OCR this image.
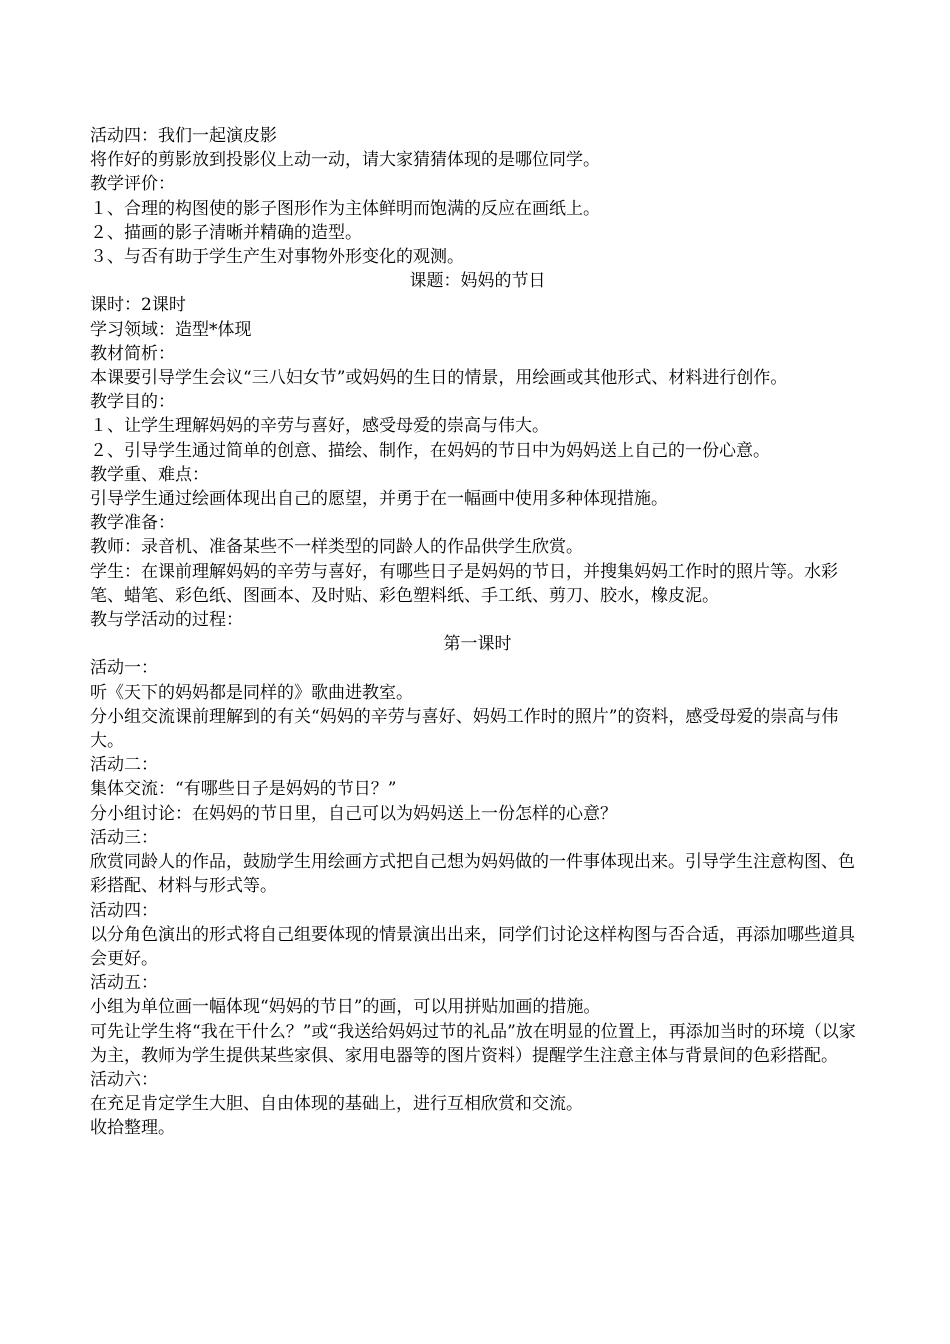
活动四：我们一起演皮影

将作好的剪影放到投影仪上动一动，请大家猜猜体现的是哪位同学。

教学评价：

１、合理的构图使的影子图形作为主体鲜明而饱满的反应在画纸上。

２、描画的影子清晰并精确的造型。

３、与否有助于学生产生对事物外形变化的观测。

课题：妈妈的节日

课时：2课时

学习领域：造型*体现

教材简析：

本课要引导学生会议“三八妇女节”或妈妈的生日的情景，用绘画或其他形式、材料进行创作。

教学目的：

１、让学生理解妈妈的辛劳与喜好，感受母爱的崇高与伟大。

２、引导学生通过简单的创意、描绘、制作，在妈妈的节日中为妈妈送上自己的一份心意。

教学重、难点：

引导学生通过绘画体现出自己的愿望，并勇于在一幅画中使用多种体现措施。

教学准备：

教师：录音机、准备某些不一样类型的同龄人的作品供学生欣赏。

学生：在课前理解妈妈的辛劳与喜好，有哪些日子是妈妈的节日，并搜集妈妈工作时的照片等。水彩笔、蜡笔、彩色纸、图画本、及时贴、彩色塑料纸、手工纸、剪刀、胶水，橡皮泥。

教与学活动的过程：

第一课时

活动一：

听《天下的妈妈都是同样的》歌曲进教室。

分小组交流课前理解到的有关“妈妈的辛劳与喜好、妈妈工作时的照片”的资料，感受母爱的崇高与伟大。

活动二：

集体交流：“有哪些日子是妈妈的节日？”

分小组讨论：在妈妈的节日里，自己可以为妈妈送上一份怎样的心意？

活动三：

欣赏同龄人的作品，鼓励学生用绘画方式把自己想为妈妈做的一件事体现出来。引导学生注意构图、色彩搭配、材料与形式等。

活动四：

以分角色演出的形式将自己组要体现的情景演出出来，同学们讨论这样构图与否合适，再添加哪些道具会更好。

活动五：

小组为单位画一幅体现“妈妈的节日”的画，可以用拼贴加画的措施。

可先让学生将“我在干什么？”或“我送给妈妈过节的礼品”放在明显的位置上，再添加当时的环境（以家为主，教师为学生提供某些家俱、家用电器等的图片资料）提醒学生注意主体与背景间的色彩搭配。

活动六：

在充足肯定学生大胆、自由体现的基础上，进行互相欣赏和交流。

收拾整理。
